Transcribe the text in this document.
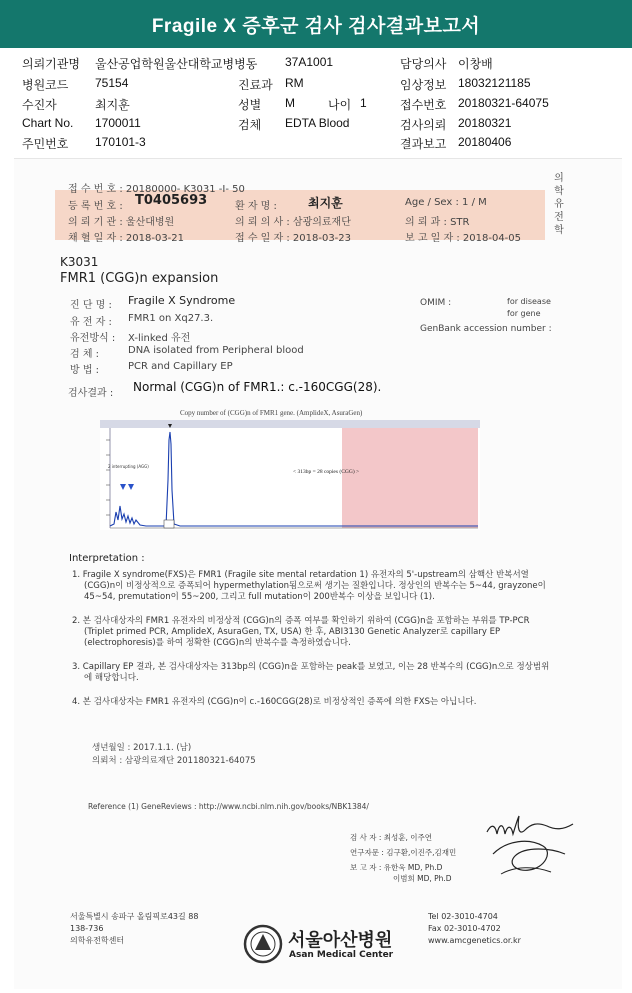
Fragile X 증후군 검사 검사결과보고서
의뢰기관명 울산공업학원울산대학교병병동 37A1001	담당의사 이창배
병원코드 75154	진료과 RM	임상정보 18032121185
수진자	최지훈	성별 M	나이 1	접수번호 20180321-64075
Chart No. 1700011	검체 EDTA Blood	검사의뢰 20180321
주민번호 170101-3	결과보고 20180406
접 수 번 호 : 20180000- K3031 -I- 50
등 록 번 호 : T0405693	환 자 명 :	최지훈	Age / Sex : 1 / M
의 뢰 기 관 : 울산대병원	의 뢰 의 사 : 삼광의료재단	의 뢰 과 : STR
채 혈 일 자 : 2018-03-21	접 수 일 자 : 2018-03-23	보 고 일 자 : 2018-04-05
의학유전학
K3031
FMR1 (CGG)n expansion
진 단 명 : Fragile X Syndrome
유 전 자 : FMR1 on Xq27.3.
유전방식 : X-linked 유전
검 체 :	DNA isolated from Peripheral blood
방 법 :	PCR and Capillary EP
OMIM :	for disease
for gene
GenBank accession number :
검사결과 : Normal (CGG)n of FMR1.: c.-160CGG(28).
Copy number of (CGG)n of FMR1 gene. (AmplideX, AsuraGen)
2 interrupting (AGG)
< 313bp = 28 copies (CGG) >
Interpretation :

1. Fragile X syndrome(FXS)은 FMR1 (Fragile site mental retardation 1) 유전자의 5'-upstream의 삼핵산 반복서열 (CGG)n이 비정상적으로 증폭되어 hypermethylation됨으로써 생기는 질환입니다. 정상인의 반복수는 5~44, grayzone이 45~54, premutation이 55~200, 그리고 full mutation이 200반복수 이상을 보입니다 (1).

2. 본 검사대상자의 FMR1 유전자의 비정상적 (CGG)n의 증폭 여부를 확인하기 위하여 (CGG)n을 포함하는 부위를 TP-PCR (Triplet primed PCR, AmplideX, AsuraGen, TX, USA) 한 후, ABI3130 Genetic Analyzer로 capillary EP (electrophoresis)를 하여 정확한 (CGG)n의 반복수를 측정하였습니다.

3. Capillary EP 결과, 본 검사대상자는 313bp의 (CGG)n을 포함하는 peak를 보였고, 이는 28 반복수의 (CGG)n으로 정상범위에 해당합니다.

4. 본 검사대상자는 FMR1 유전자의 (CGG)n이 c.-160CGG(28)로 비정상적인 증폭에 의한 FXS는 아닙니다.

생년월일 : 2017.1.1. (남)
의뢰처 : 삼광의료재단 201180321-64075
Reference (1) GeneReviews : http://www.ncbi.nlm.nih.gov/books/NBK1384/
검 사 자 : 최성훈, 이주연
연구자문 : 김구환,이진주,김재민
보 고 자 : 유한욱 MD, Ph.D
이범희 MD, Ph.D
서울특별시 송파구 올림픽로43길 88
138-736
의학유전학센터	서울아산병원
Asan Medical Center
Tel 02-3010-4704
Fax 02-3010-4702
www.amcgenetics.or.kr
